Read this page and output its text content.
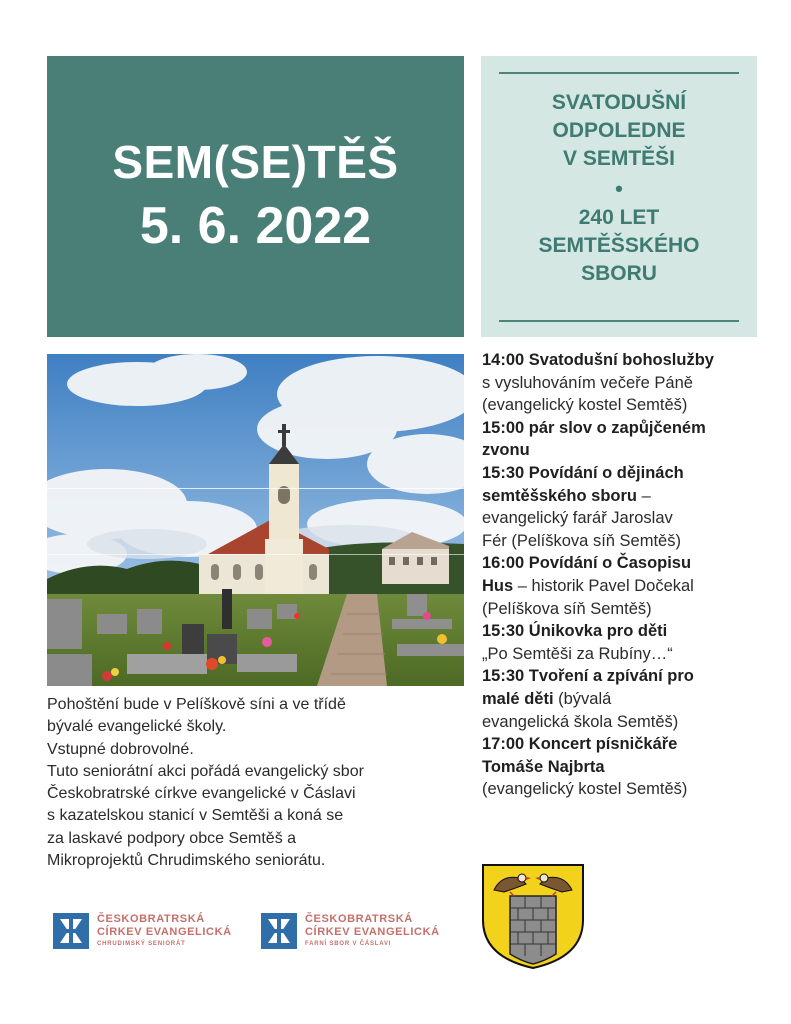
SEM(SE)TĚŠ
5. 6. 2022
SVATODUŠNÍ
ODPOLEDNE
V SEMTĚŠI
•
240 LET
SEMTĚŠSKÉHO
SBORU
Pohoštění bude v Pelíškově síni a ve třídě
bývalé evangelické školy.
Vstupné dobrovolné.
Tuto seniorátní akci pořádá evangelický sbor
Českobratrské církve evangelické v Čáslavi
s kazatelskou stanicí v Semtěši a koná se
za laskavé podpory obce Semtěš a
Mikroprojektů Chrudimského seniorátu.
14:00 Svatodušní bohoslužby
s vysluhováním večeře Páně
(evangelický kostel Semtěš)
15:00 pár slov o zapůjčeném
zvonu
15:30 Povídání o dějinách
semtěšského sboru –
evangelický farář Jaroslav
Fér (Pelíškova síň Semtěš)
16:00 Povídání o Časopisu
Hus – historik Pavel Dočekal
(Pelíškova síň Semtěš)
15:30 Únikovka pro děti
„Po Semtěši za Rubíny…“
15:30 Tvoření a zpívání pro
malé děti (bývalá
evangelická škola Semtěš)
17:00 Koncert písničkáře
Tomáše Najbrta
(evangelický kostel Semtěš)
ČESKOBRATRSKÁ
CÍRKEV EVANGELICKÁ
CHRUDIMSKÝ SENIORÁT
ČESKOBRATRSKÁ
CÍRKEV EVANGELICKÁ
FARNÍ SBOR V ČÁSLAVI
